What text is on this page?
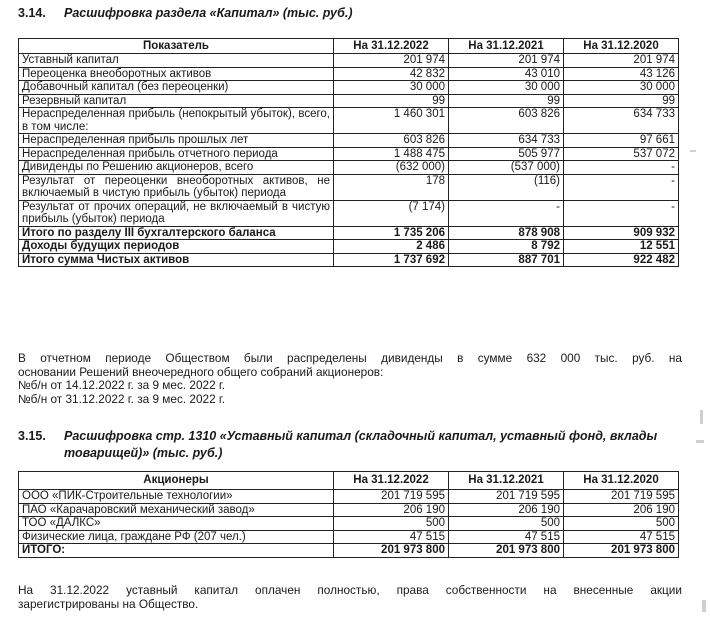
3.14. Расшифровка раздела «Капитал» (тыс. руб.)
Показатель	На 31.12.2022	На 31.12.2021	На 31.12.2020
Уставный капитал	201 974	201 974	201 974
Переоценка внеоборотных активов	42 832	43 010	43 126
Добавочный капитал (без переоценки)	30 000	30 000	30 000
Резервный капитал	99	99	99
Нераспределенная прибыль (непокрытый убыток), всего, в том числе:	1 460 301	603 826	634 733
Нераспределенная прибыль прошлых лет	603 826	634 733	97 661
Нераспределенная прибыль отчетного периода	1 488 475	505 977	537 072
Дивиденды по Решению акционеров, всего	(632 000)	(537 000)	-
Результат от переоценки внеоборотных активов, не включаемый в чистую прибыль (убыток) периода	178	(116)	-
Результат от прочих операций, не включаемый в чистую прибыль (убыток) периода	(7 174)	-	-
Итого по разделу III бухгалтерского баланса	1 735 206	878 908	909 932
Доходы будущих периодов	2 486	8 792	12 551
Итого сумма Чистых активов	1 737 692	887 701	922 482
В отчетном периоде Обществом были распределены дивиденды в сумме 632 000 тыс. руб. на
основании Решений внеочередного общего собраний акционеров:
№б/н от 14.12.2022 г. за 9 мес. 2022 г.
№б/н от 31.12.2022 г. за 9 мес. 2022 г.
3.15. Расшифровка стр. 1310 «Уставный капитал (складочный капитал, уставный фонд, вклады товарищей)» (тыс. руб.)
Акционеры	На 31.12.2022	На 31.12.2021	На 31.12.2020
ООО «ПИК-Строительные технологии»	201 719 595	201 719 595	201 719 595
ПАО «Карачаровский механический завод»	206 190	206 190	206 190
ТОО «ДАЛКС»	500	500	500
Физические лица, граждане РФ (207 чел.)	47 515	47 515	47 515
ИТОГО:	201 973 800	201 973 800	201 973 800
На 31.12.2022 уставный капитал оплачен полностью, права собственности на внесенные акции
зарегистрированы на Общество.
